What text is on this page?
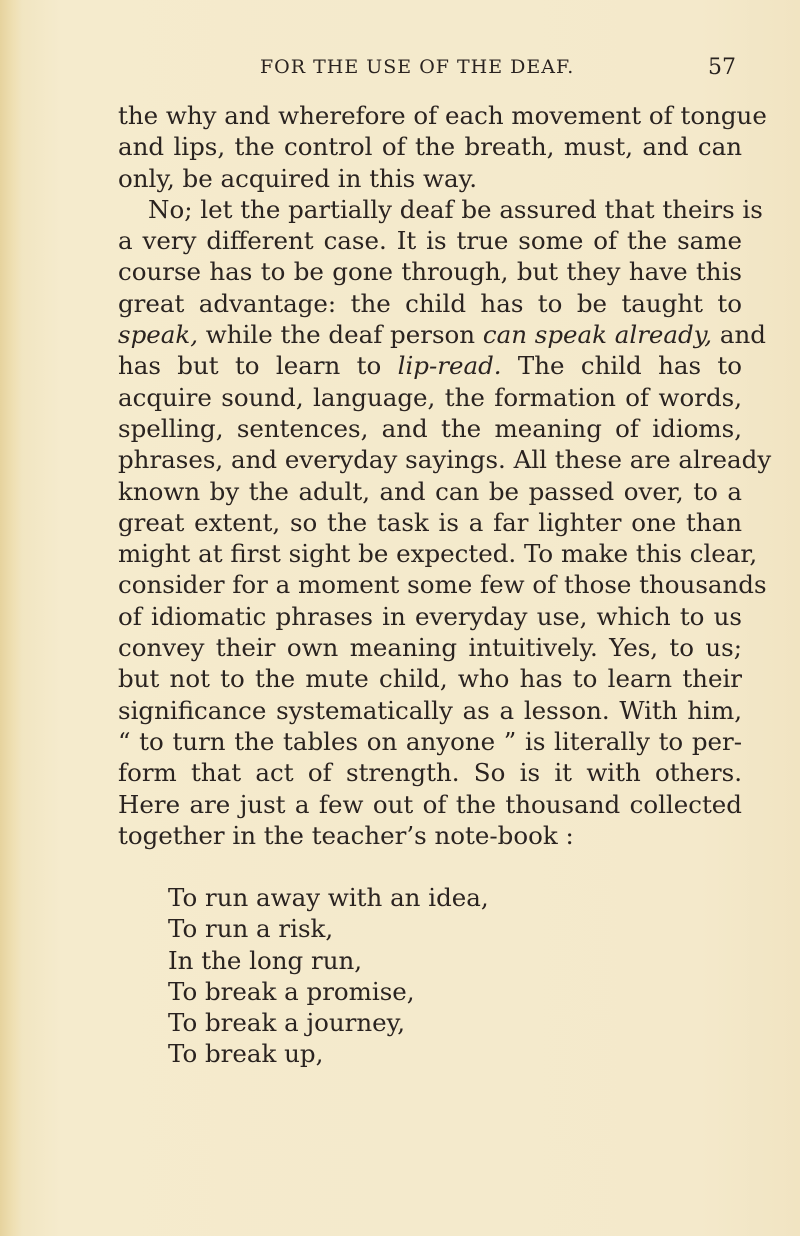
FOR THE USE OF THE DEAF.	57
the why and wherefore of each movement of tongue
and lips, the control of the breath, must, and can
only, be acquired in this way.
No; let the partially deaf be assured that theirs is
a very different case. It is true some of the same
course has to be gone through, but they have this
great advantage: the child has to be taught to
speak, while the deaf person can speak already, and
has but to learn to lip-read. The child has to
acquire sound, language, the formation of words,
spelling, sentences, and the meaning of idioms,
phrases, and everyday sayings. All these are already
known by the adult, and can be passed over, to a
great extent, so the task is a far lighter one than
might at first sight be expected. To make this clear,
consider for a moment some few of those thousands
of idiomatic phrases in everyday use, which to us
convey their own meaning intuitively. Yes, to us;
but not to the mute child, who has to learn their
significance systematically as a lesson. With him,
“ to turn the tables on anyone ” is literally to per-
form that act of strength. So is it with others.
Here are just a few out of the thousand collected
together in the teacher’s note-book :
To run away with an idea,
To run a risk,
In the long run,
To break a promise,
To break a journey,
To break up,
